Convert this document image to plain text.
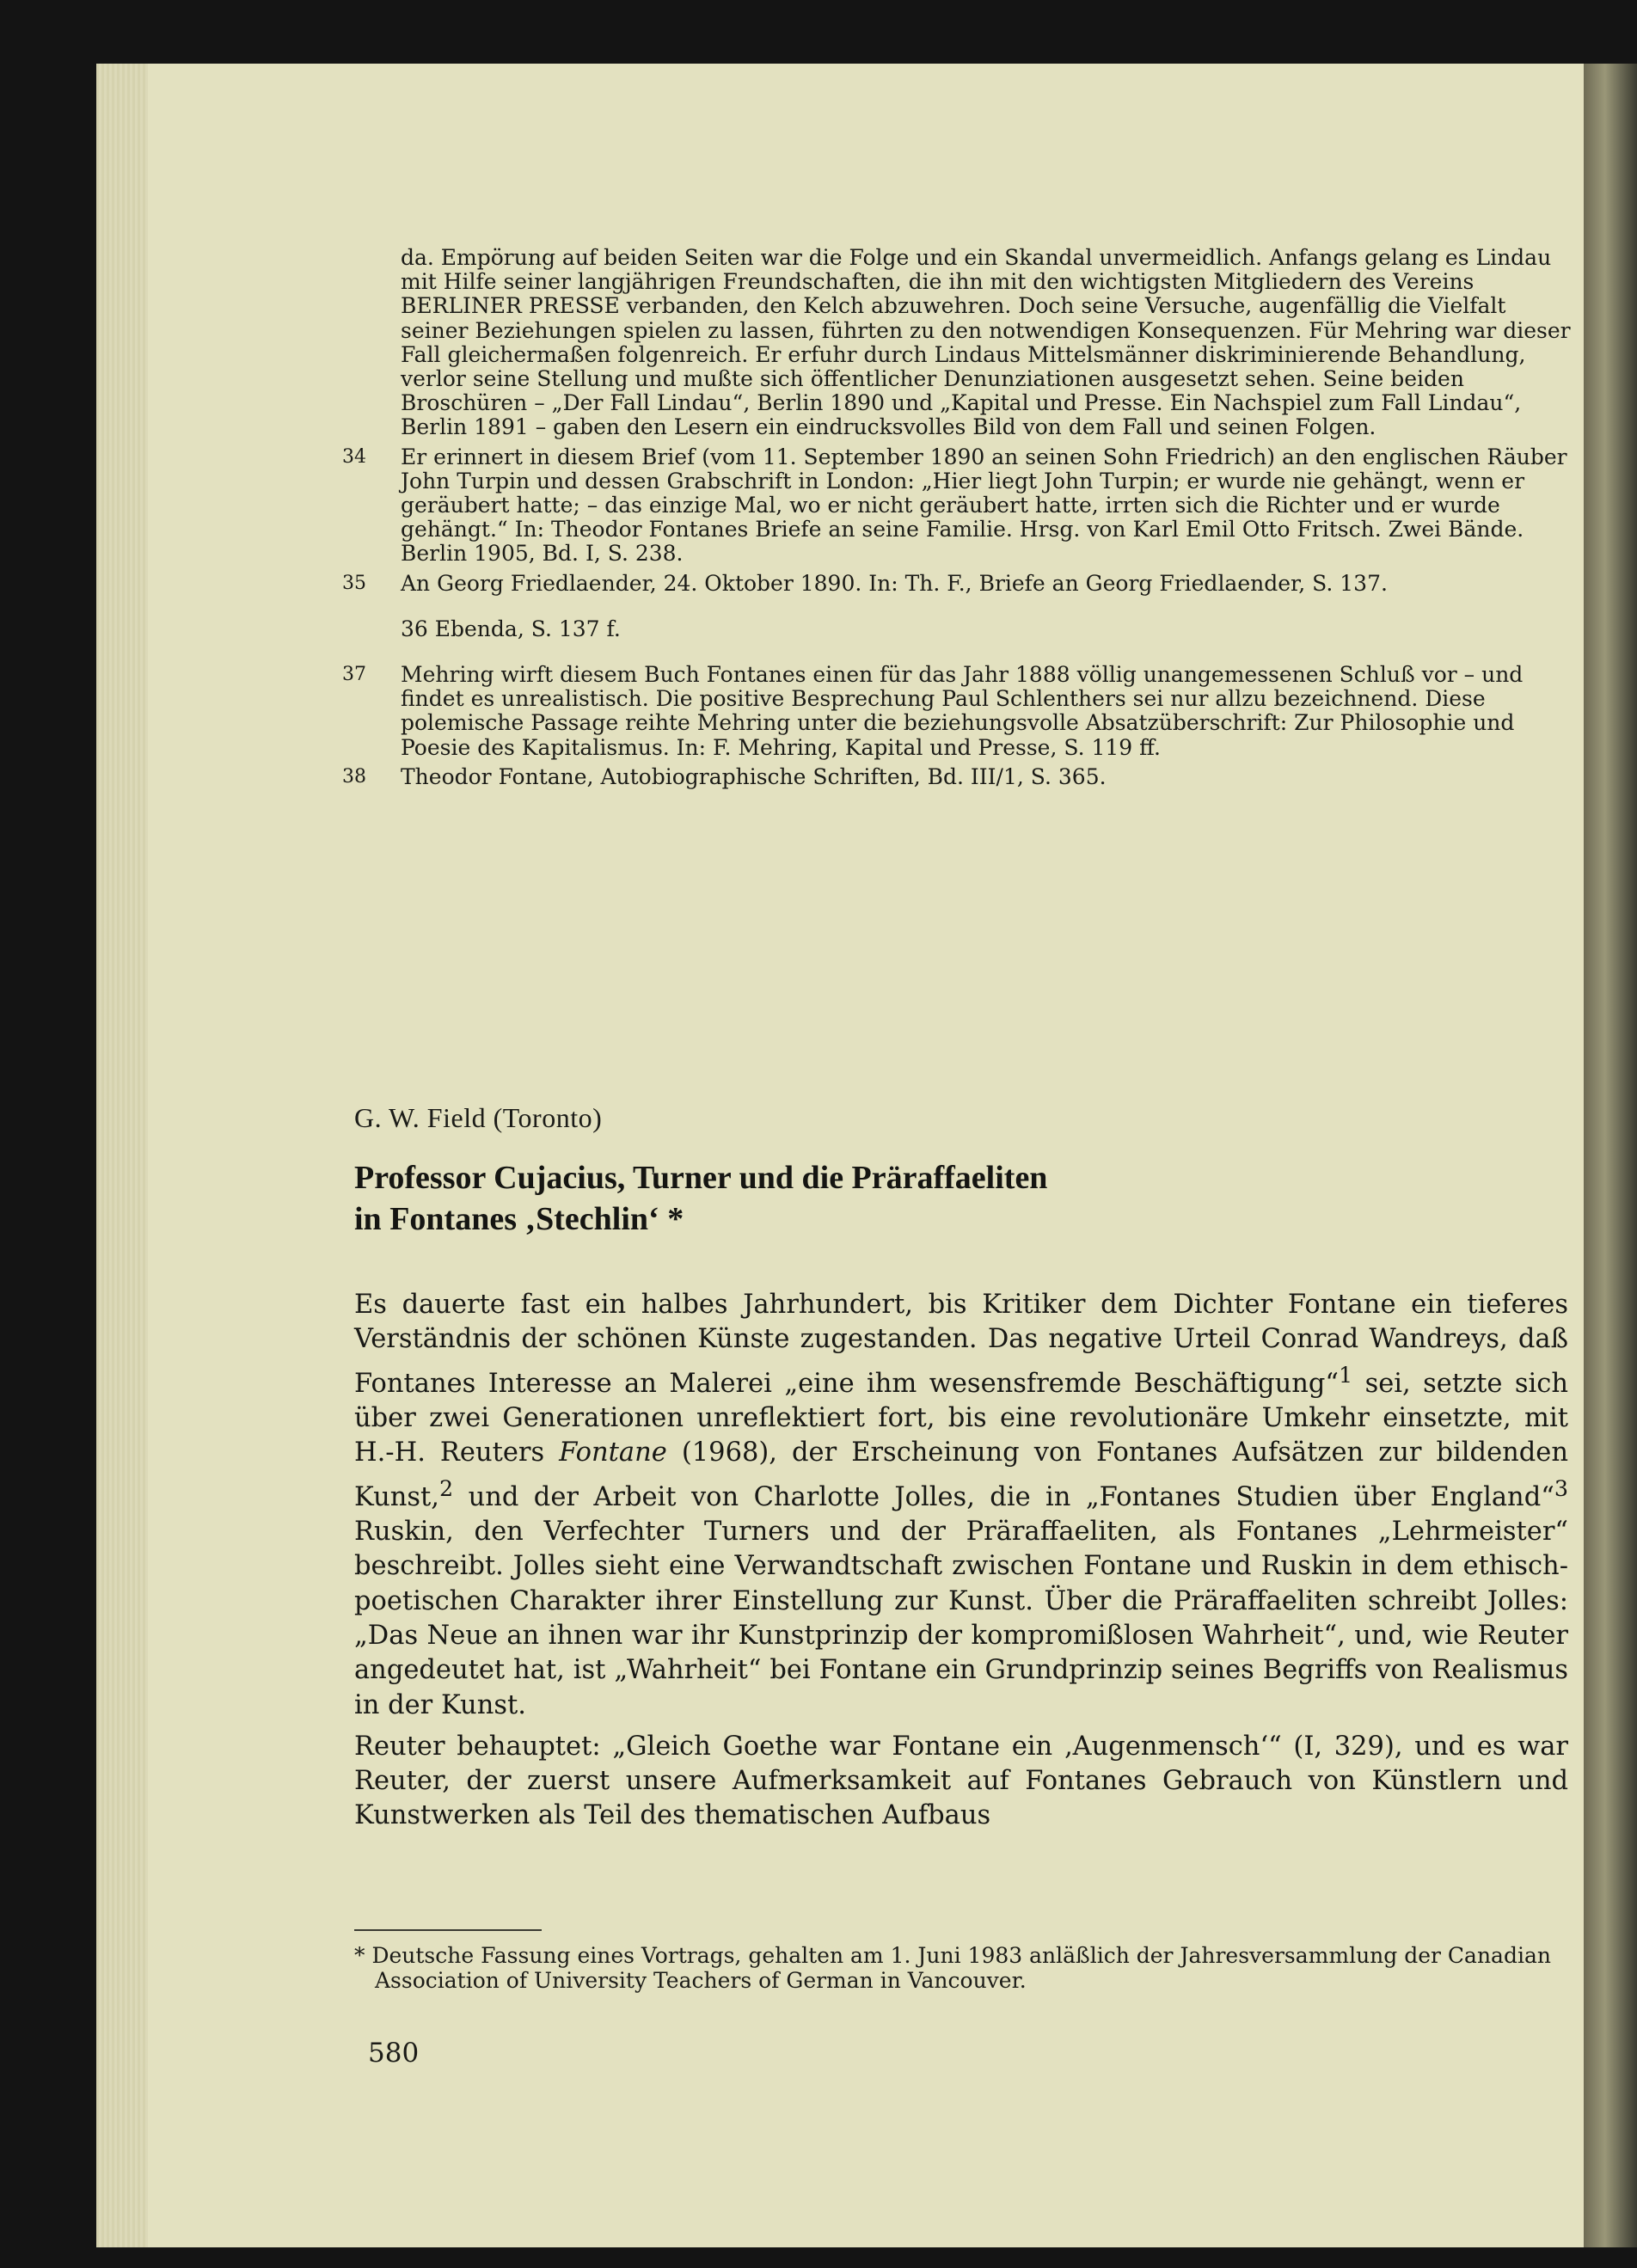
da. Empörung auf beiden Seiten war die Folge und ein Skandal unvermeidlich. Anfangs gelang es Lindau mit Hilfe seiner langjährigen Freundschaften, die ihn mit den wichtigsten Mitgliedern des Vereins BERLINER PRESSE verbanden, den Kelch abzuwehren. Doch seine Versuche, augenfällig die Vielfalt seiner Beziehungen spielen zu lassen, führten zu den notwendigen Konsequenzen. Für Mehring war dieser Fall gleichermaßen folgenreich. Er erfuhr durch Lindaus Mittelsmänner diskriminierende Behandlung, verlor seine Stellung und mußte sich öffentlicher Denunziationen ausgesetzt sehen. Seine beiden Broschüren – „Der Fall Lindau“, Berlin 1890 und „Kapital und Presse. Ein Nachspiel zum Fall Lindau“, Berlin 1891 – gaben den Lesern ein eindrucksvolles Bild von dem Fall und seinen Folgen.

34 Er erinnert in diesem Brief (vom 11. September 1890 an seinen Sohn Friedrich) an den englischen Räuber John Turpin und dessen Grabschrift in London: „Hier liegt John Turpin; er wurde nie gehängt, wenn er geräubert hatte; – das einzige Mal, wo er nicht geräubert hatte, irrten sich die Richter und er wurde gehängt.“ In: Theodor Fontanes Briefe an seine Familie. Hrsg. von Karl Emil Otto Fritsch. Zwei Bände. Berlin 1905, Bd. I, S. 238.

35 An Georg Friedlaender, 24. Oktober 1890. In: Th. F., Briefe an Georg Friedlaender, S. 137.

36 Ebenda, S. 137 f.

37 Mehring wirft diesem Buch Fontanes einen für das Jahr 1888 völlig unangemessenen Schluß vor – und findet es unrealistisch. Die positive Besprechung Paul Schlenthers sei nur allzu bezeichnend. Diese polemische Passage reihte Mehring unter die beziehungsvolle Absatzüberschrift: Zur Philosophie und Poesie des Kapitalismus. In: F. Mehring, Kapital und Presse, S. 119 ff.

38 Theodor Fontane, Autobiographische Schriften, Bd. III/1, S. 365.

G. W. Field (Toronto)
Professor Cujacius, Turner und die Präraffaeliten
in Fontanes ‚Stechlin‘ *

Es dauerte fast ein halbes Jahrhundert, bis Kritiker dem Dichter Fontane ein tieferes Verständnis der schönen Künste zugestanden. Das negative Urteil Conrad Wandreys, daß Fontanes Interesse an Malerei „eine ihm wesensfremde Beschäftigung“$^1$ sei, setzte sich über zwei Generationen unreflektiert fort, bis eine revolutionäre Umkehr einsetzte, mit H.-H. Reuters Fontane (1968), der Erscheinung von Fontanes Aufsätzen zur bildenden Kunst,$^2$ und der Arbeit von Charlotte Jolles, die in „Fontanes Studien über England“$^3$ Ruskin, den Verfechter Turners und der Präraffaeliten, als Fontanes „Lehrmeister“ beschreibt. Jolles sieht eine Verwandtschaft zwischen Fontane und Ruskin in dem ethisch-poetischen Charakter ihrer Einstellung zur Kunst. Über die Präraffaeliten schreibt Jolles: „Das Neue an ihnen war ihr Kunstprinzip der kompromißlosen Wahrheit“, und, wie Reuter angedeutet hat, ist „Wahrheit“ bei Fontane ein Grundprinzip seines Begriffs von Realismus in der Kunst.

Reuter behauptet: „Gleich Goethe war Fontane ein ‚Augenmensch‘“ (I, 329), und es war Reuter, der zuerst unsere Aufmerksamkeit auf Fontanes Gebrauch von Künstlern und Kunstwerken als Teil des thematischen Aufbaus

* Deutsche Fassung eines Vortrags, gehalten am 1. Juni 1983 anläßlich der Jahresversammlung der Canadian Association of University Teachers of German in Vancouver.
580
